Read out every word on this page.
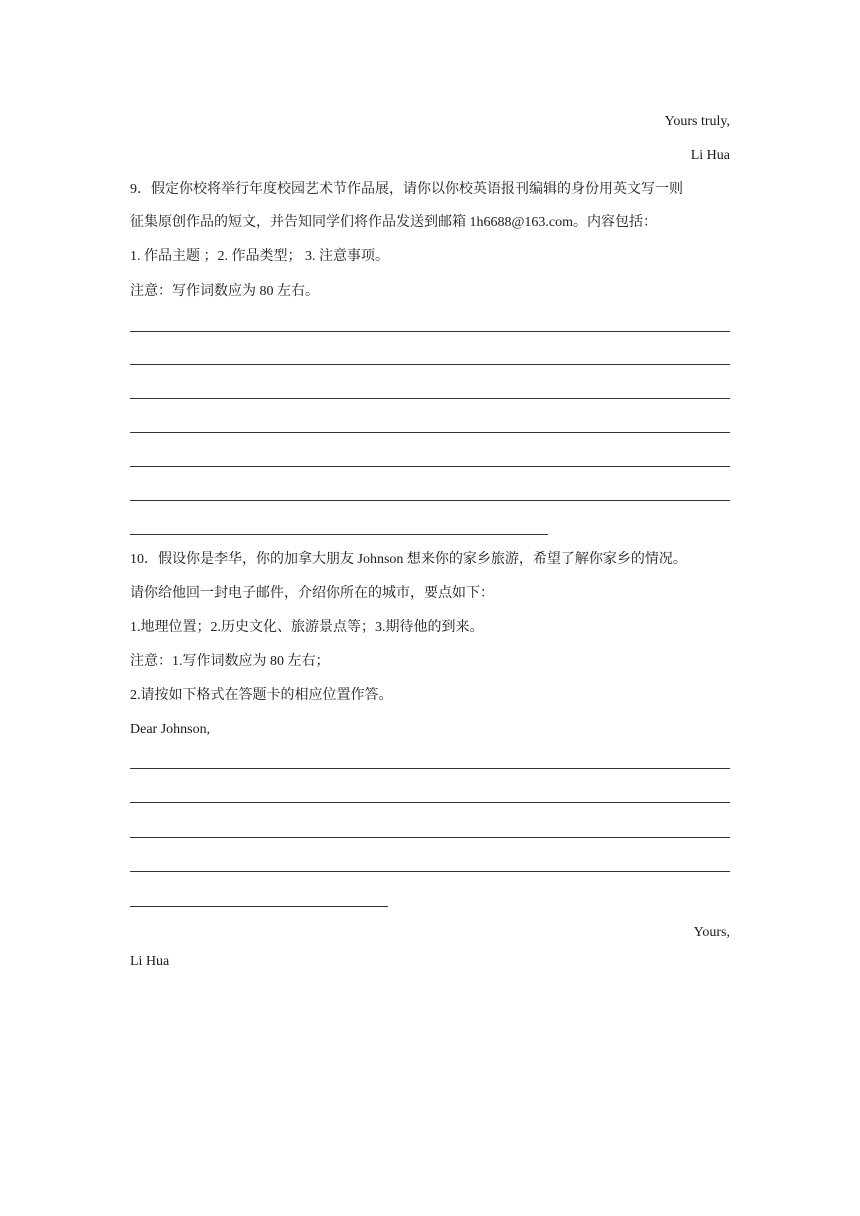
Yours truly,
Li Hua
9．假定你校将举行年度校园艺术节作品展，请你以你校英语报刊编辑的身份用英文写一则
征集原创作品的短文，并告知同学们将作品发送到邮箱 1h6688@163.com。内容包括：
1. 作品主题 ；2. 作品类型； 3. 注意事项。
注意：写作词数应为 80 左右。
10．假设你是李华，你的加拿大朋友 Johnson 想来你的家乡旅游，希望了解你家乡的情况。
请你给他回一封电子邮件，介绍你所在的城市，要点如下：
1.地理位置；2.历史文化、旅游景点等；3.期待他的到来。
注意：1.写作词数应为 80 左右；
2.请按如下格式在答题卡的相应位置作答。
Dear Johnson,
Yours,
Li Hua
